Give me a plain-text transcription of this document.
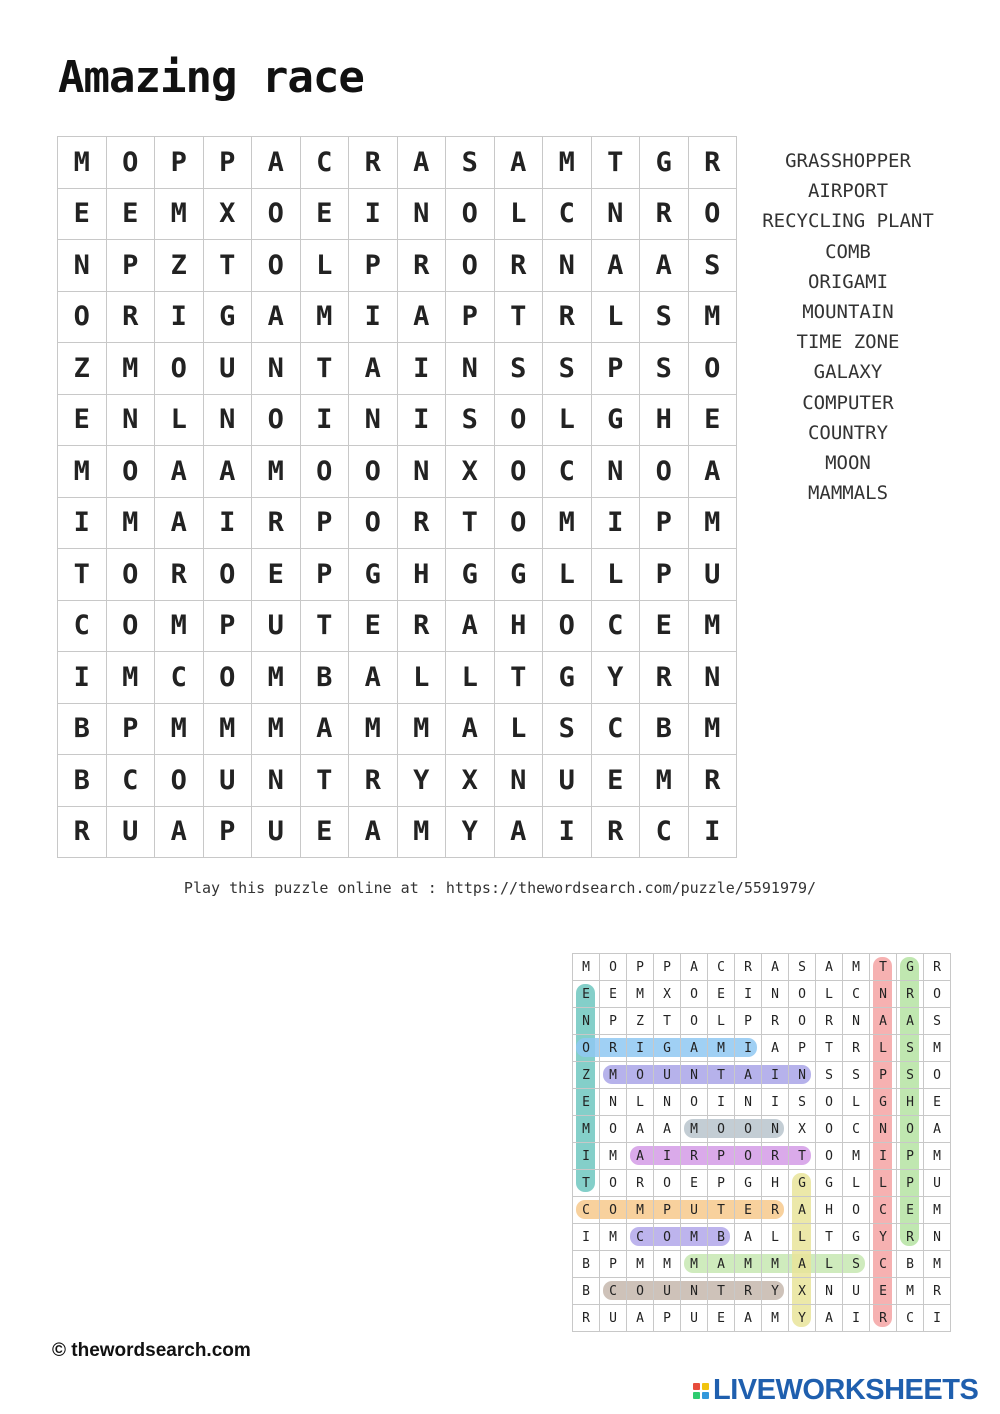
Amazing race
M	O	P	P	A	C	R	A	S	A	M	T	G	R
E	E	M	X	O	E	I	N	O	L	C	N	R	O
N	P	Z	T	O	L	P	R	O	R	N	A	A	S
O	R	I	G	A	M	I	A	P	T	R	L	S	M
Z	M	O	U	N	T	A	I	N	S	S	P	S	O
E	N	L	N	O	I	N	I	S	O	L	G	H	E
M	O	A	A	M	O	O	N	X	O	C	N	O	A
I	M	A	I	R	P	O	R	T	O	M	I	P	M
T	O	R	O	E	P	G	H	G	G	L	L	P	U
C	O	M	P	U	T	E	R	A	H	O	C	E	M
I	M	C	O	M	B	A	L	L	T	G	Y	R	N
B	P	M	M	M	A	M	M	A	L	S	C	B	M
B	C	O	U	N	T	R	Y	X	N	U	E	M	R
R	U	A	P	U	E	A	M	Y	A	I	R	C	I
GRASSHOPPER
AIRPORT
RECYCLING PLANT
COMB
ORIGAMI
MOUNTAIN
TIME ZONE
GALAXY
COMPUTER
COUNTRY
MOON
MAMMALS
Play this puzzle online at : https://thewordsearch.com/puzzle/5591979/
M	O	P	P	A	C	R	A	S	A	M	T	G	R
E	E	M	X	O	E	I	N	O	L	C	N	R	O
N	P	Z	T	O	L	P	R	O	R	N	A	A	S
O	R	I	G	A	M	I	A	P	T	R	L	S	M
Z	M	O	U	N	T	A	I	N	S	S	P	S	O
E	N	L	N	O	I	N	I	S	O	L	G	H	E
M	O	A	A	M	O	O	N	X	O	C	N	O	A
I	M	A	I	R	P	O	R	T	O	M	I	P	M
T	O	R	O	E	P	G	H	G	G	L	L	P	U
C	O	M	P	U	T	E	R	A	H	O	C	E	M
I	M	C	O	M	B	A	L	L	T	G	Y	R	N
B	P	M	M	M	A	M	M	A	L	S	C	B	M
B	C	O	U	N	T	R	Y	X	N	U	E	M	R
R	U	A	P	U	E	A	M	Y	A	I	R	C	I
© thewordsearch.com
LIVEWORKSHEETS
